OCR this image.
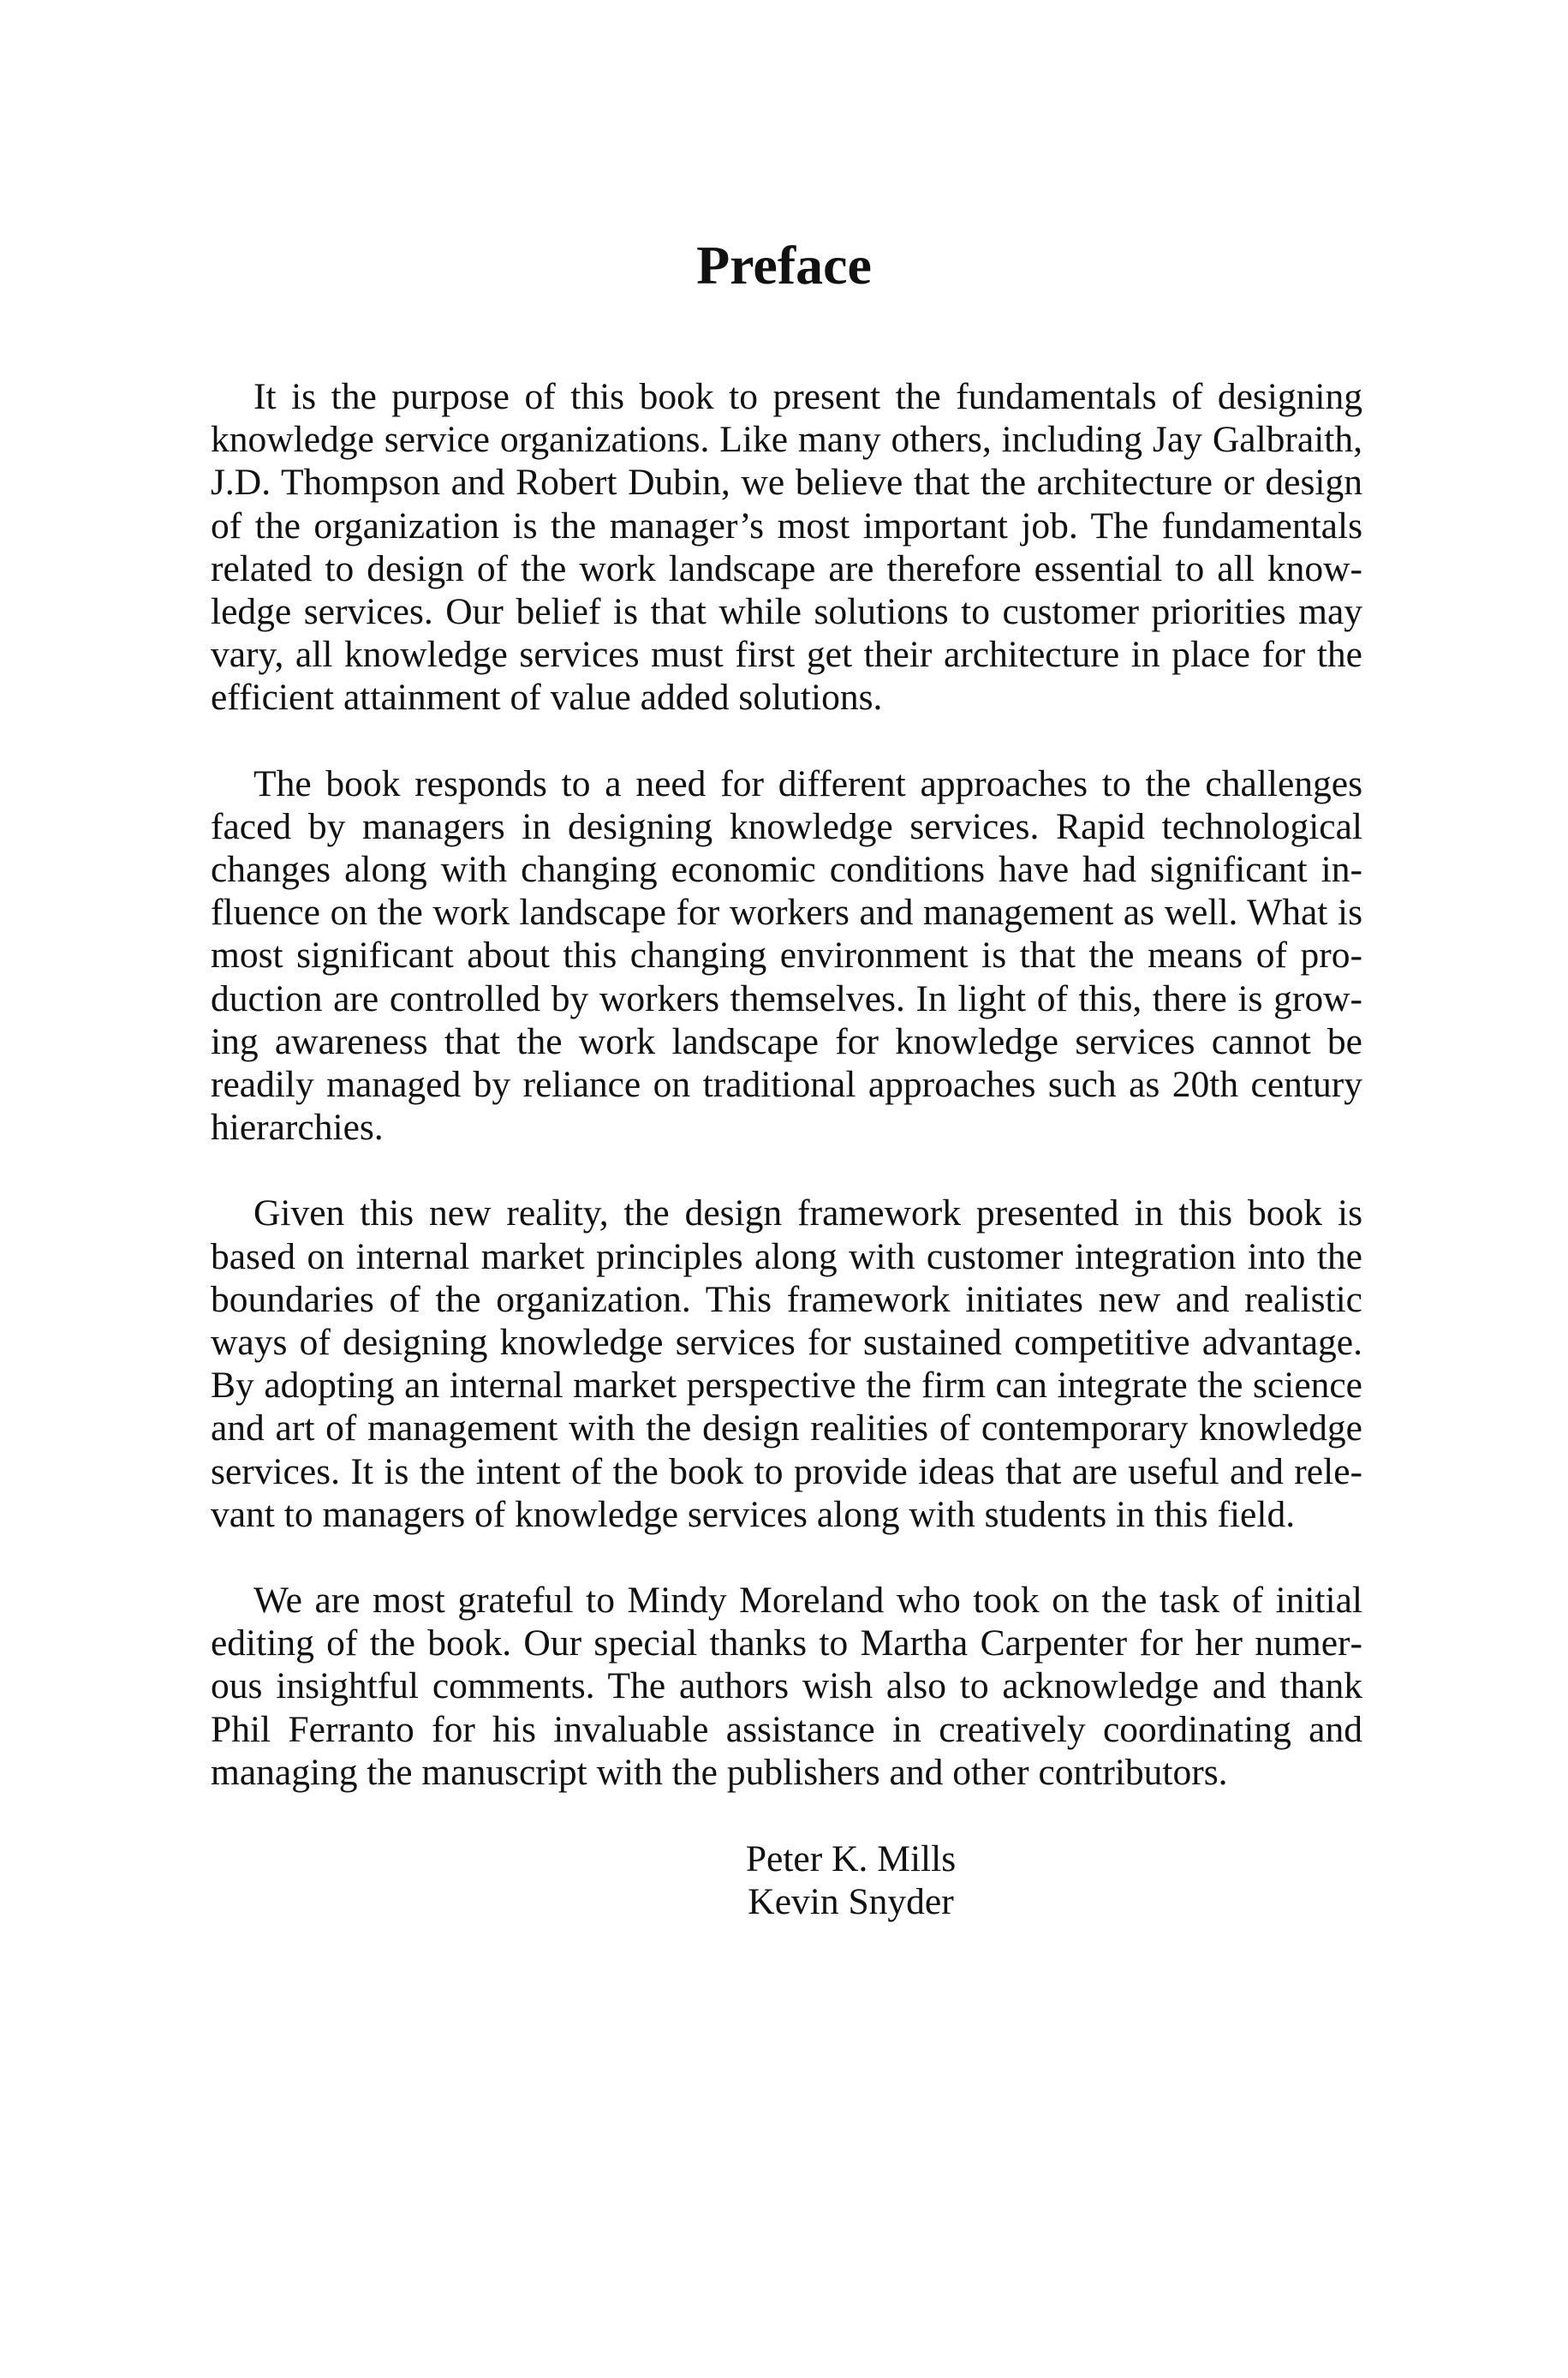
Preface

It is the purpose of this book to present the fundamentals of designing knowledge service organizations. Like many others, including Jay Galbraith, J.D. Thompson and Robert Dubin, we believe that the architecture or design of the organization is the manager’s most important job. The fundamentals related to design of the work landscape are therefore essential to all knowledge services. Our belief is that while solutions to customer priorities may vary, all knowledge services must first get their architecture in place for the efficient attainment of value added solutions.

The book responds to a need for different approaches to the challenges faced by managers in designing knowledge services. Rapid technological changes along with changing economic conditions have had significant influence on the work landscape for workers and management as well. What is most significant about this changing environment is that the means of production are controlled by workers themselves. In light of this, there is growing awareness that the work landscape for knowledge services cannot be readily managed by reliance on traditional approaches such as 20th century hierarchies.

Given this new reality, the design framework presented in this book is based on internal market principles along with customer integration into the boundaries of the organization. This framework initiates new and realistic ways of designing knowledge services for sustained competitive advantage. By adopting an internal market perspective the firm can integrate the science and art of management with the design realities of contemporary knowledge services. It is the intent of the book to provide ideas that are useful and relevant to managers of knowledge services along with students in this field.

We are most grateful to Mindy Moreland who took on the task of initial editing of the book. Our special thanks to Martha Carpenter for her numerous insightful comments. The authors wish also to acknowledge and thank Phil Ferranto for his invaluable assistance in creatively coordinating and managing the manuscript with the publishers and other contributors.

Peter K. Mills
Kevin Snyder
